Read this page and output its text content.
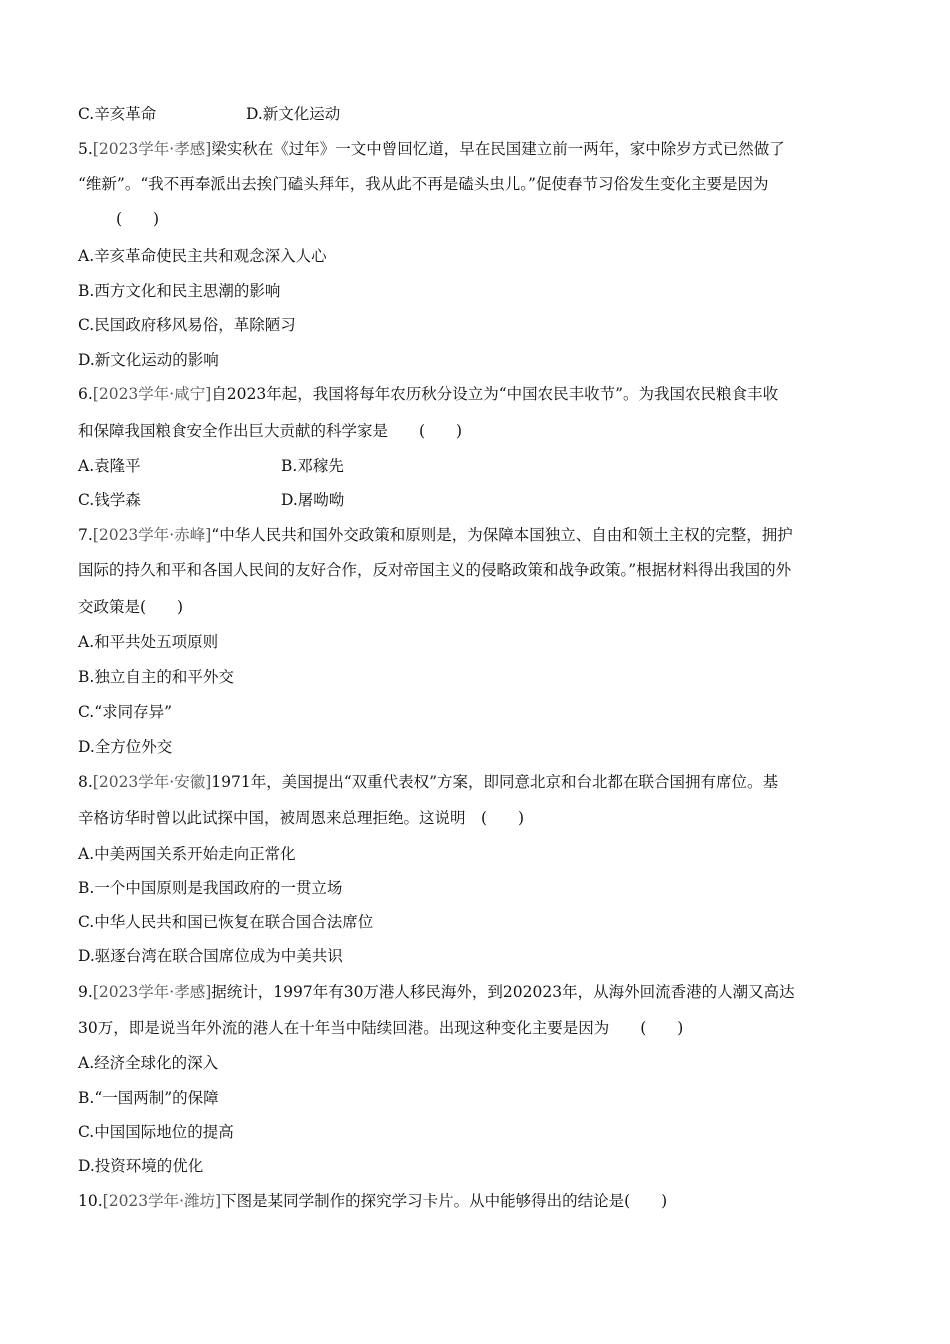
C.辛亥革命	D.新文化运动
5.[2023学年·孝感]梁实秋在《过年》一文中曾回忆道，早在民国建立前一两年，家中除岁方式已然做了
“维新”。“我不再奉派出去挨门磕头拜年，我从此不再是磕头虫儿。”促使春节习俗发生变化主要是因为
(　　)
A.辛亥革命使民主共和观念深入人心
B.西方文化和民主思潮的影响
C.民国政府移风易俗，革除陋习
D.新文化运动的影响
6.[2023学年·咸宁]自2023年起，我国将每年农历秋分设立为“中国农民丰收节”。为我国农民粮食丰收
和保障我国粮食安全作出巨大贡献的科学家是　　(　　)
A.袁隆平	B.邓稼先
C.钱学森	D.屠呦呦
7.[2023学年·赤峰]“中华人民共和国外交政策和原则是，为保障本国独立、自由和领土主权的完整，拥护
国际的持久和平和各国人民间的友好合作，反对帝国主义的侵略政策和战争政策。”根据材料得出我国的外
交政策是(　　)
A.和平共处五项原则
B.独立自主的和平外交
C.“求同存异”
D.全方位外交
8.[2023学年·安徽]1971年，美国提出“双重代表权”方案，即同意北京和台北都在联合国拥有席位。基
辛格访华时曾以此试探中国，被周恩来总理拒绝。这说明　(　　)
A.中美两国关系开始走向正常化
B.一个中国原则是我国政府的一贯立场
C.中华人民共和国已恢复在联合国合法席位
D.驱逐台湾在联合国席位成为中美共识
9.[2023学年·孝感]据统计，1997年有30万港人移民海外，到202023年，从海外回流香港的人潮又高达
30万，即是说当年外流的港人在十年当中陆续回港。出现这种变化主要是因为　　(　　)
A.经济全球化的深入
B.“一国两制”的保障
C.中国国际地位的提高
D.投资环境的优化
10.[2023学年·潍坊]下图是某同学制作的探究学习卡片。从中能够得出的结论是(　　)
